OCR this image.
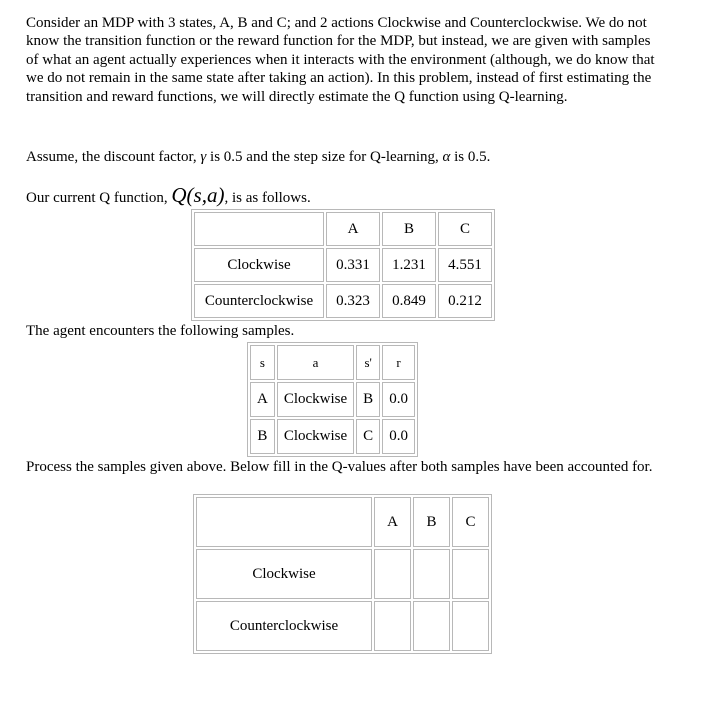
Consider an MDP with 3 states, A, B and C; and 2 actions Clockwise and Counterclockwise. We do not know the transition function or the reward function for the MDP, but instead, we are given with samples of what an agent actually experiences when it interacts with the environment (although, we do know that we do not remain in the same state after taking an action). In this problem, instead of first estimating the transition and reward functions, we will directly estimate the Q function using Q-learning.

Assume, the discount factor, γ is 0.5 and the step size for Q-learning, α is 0.5.

Our current Q function, Q(s,a), is as follows.

	A	B	C
Clockwise	0.331	1.231	4.551
Counterclockwise	0.323	0.849	0.212

The agent encounters the following samples.

s	a	s'	r
A	Clockwise	B	0.0
B	Clockwise	C	0.0

Process the samples given above. Below fill in the Q-values after both samples have been accounted for.

	A	B	C
Clockwise			
Counterclockwise			
